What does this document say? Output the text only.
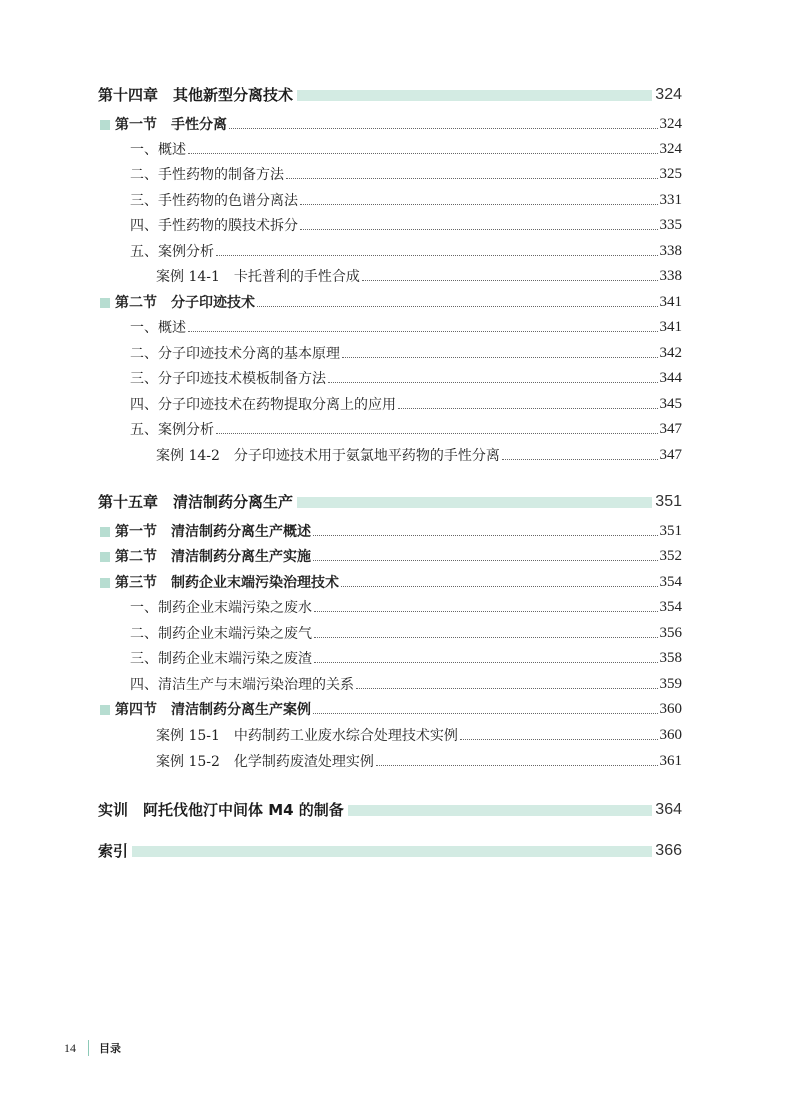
第十四章　其他新型分离技术	324
第一节　手性分离	324
一、概述	324
二、手性药物的制备方法	325
三、手性药物的色谱分离法	331
四、手性药物的膜技术拆分	335
五、案例分析	338
案例 14-1 卡托普利的手性合成	338
第二节　分子印迹技术	341
一、概述	341
二、分子印迹技术分离的基本原理	342
三、分子印迹技术模板制备方法	344
四、分子印迹技术在药物提取分离上的应用	345
五、案例分析	347
案例 14-2 分子印迹技术用于氨氯地平药物的手性分离	347
第十五章　清洁制药分离生产	351
第一节　清洁制药分离生产概述	351
第二节　清洁制药分离生产实施	352
第三节　制药企业末端污染治理技术	354
一、制药企业末端污染之废水	354
二、制药企业末端污染之废气	356
三、制药企业末端污染之废渣	358
四、清洁生产与末端污染治理的关系	359
第四节　清洁制药分离生产案例	360
案例 15-1 中药制药工业废水综合处理技术实例	360
案例 15-2 化学制药废渣处理实例	361
实训　阿托伐他汀中间体 M4 的制备	364
索引	366
14 目录
